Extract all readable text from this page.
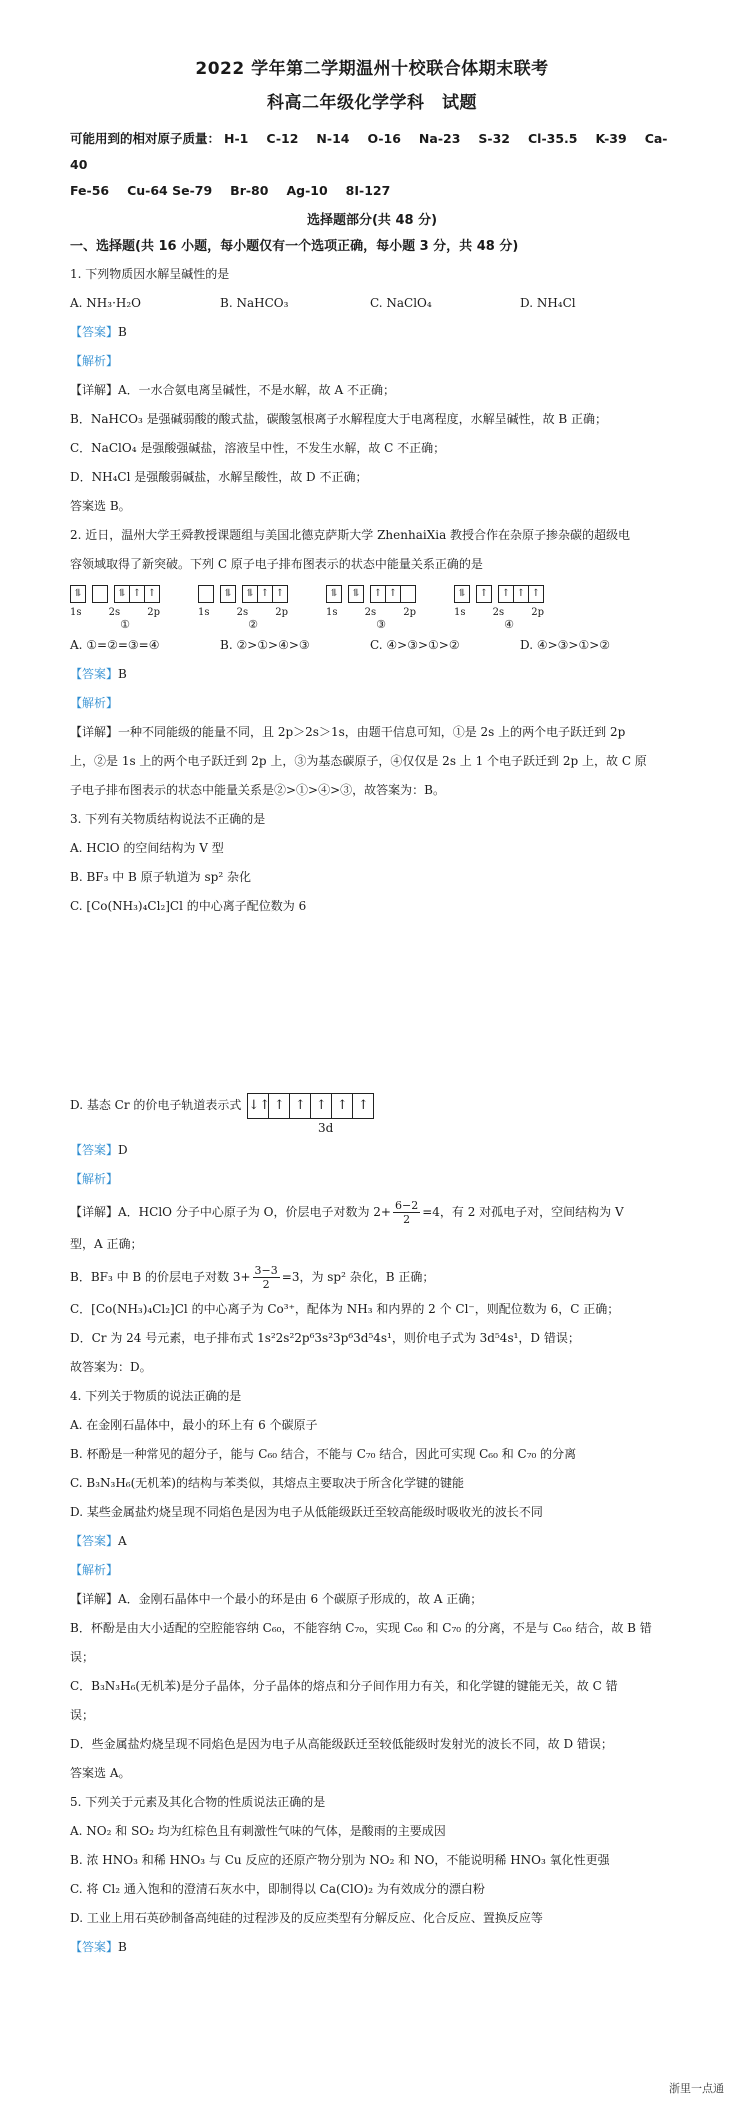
2022 学年第二学期温州十校联合体期末联考
科高二年级化学学科　试题
可能用到的相对原子质量： H-1 C-12 N-14 O-16 Na-23 S-32 Cl-35.5 K-39 Ca-40
Fe-56 Cu-64 Se-79 Br-80 Ag-10 8I-127
选择题部分(共 48 分)
一、选择题(共 16 小题，每小题仅有一个选项正确，每小题 3 分，共 48 分)
1. 下列物质因水解呈碱性的是
A. NH₃·H₂O	B. NaHCO₃	C. NaClO₄	D. NH₄Cl
【答案】B
【解析】
【详解】A．一水合氨电离呈碱性，不是水解，故 A 不正确；
B．NaHCO₃ 是强碱弱酸的酸式盐，碳酸氢根离子水解程度大于电离程度，水解呈碱性，故 B 正确；
C．NaClO₄ 是强酸强碱盐，溶液呈中性，不发生水解，故 C 不正确；
D．NH₄Cl 是强酸弱碱盐，水解呈酸性，故 D 不正确；
答案选 B。
2. 近日，温州大学王舜教授课题组与美国北德克萨斯大学 ZhenhaiXia 教授合作在杂原子掺杂碳的超级电
容领域取得了新突破。下列 C 原子电子排布图表示的状态中能量关系正确的是
⥮	⥮ ↑ ↑
1s	2s	2p
①
⥮	⥮ ↑ ↑
1s	2s	2p
②
⥮	⥮	↑ ↑
1s	2s	2p
③
⥮	↑	↑ ↑ ↑
1s	2s	2p
④
A. ①=②=③=④	B. ②>①>④>③	C. ④>③>①>②	D. ④>③>①>②
【答案】B
【解析】
【详解】一种不同能级的能量不同，且 2p＞2s＞1s，由题干信息可知，①是 2s 上的两个电子跃迁到 2p
上，②是 1s 上的两个电子跃迁到 2p 上，③为基态碳原子，④仅仅是 2s 上 1 个电子跃迁到 2p 上，故 C 原
子电子排布图表示的状态中能量关系是②>①>④>③，故答案为：B。
3. 下列有关物质结构说法不正确的是
A. HClO 的空间结构为 V 型
B. BF₃ 中 B 原子轨道为 sp² 杂化
C. [Co(NH₃)₄Cl₂]Cl 的中心离子配位数为 6
D. 基态 Cr 的价电子轨道表示式 ↓↑ ↑ ↑ ↑ ↑ ↑
3d
【答案】D
【解析】
【详解】A．HClO 分子中心原子为 O，价层电子对数为 $2+ \frac{6-2}{2} =4$，有 2 对孤电子对，空间结构为 V
型，A 正确；
B．BF₃ 中 B 的价层电子对数 $3+ \frac{3-3}{2} =3$，为 sp² 杂化，B 正确；
C．[Co(NH₃)₄Cl₂]Cl 的中心离子为 Co³⁺，配体为 NH₃ 和内界的 2 个 Cl⁻，则配位数为 6，C 正确；
D．Cr 为 24 号元素，电子排布式 1s²2s²2p⁶3s²3p⁶3d⁵4s¹，则价电子式为 3d⁵4s¹，D 错误；
故答案为：D。
4. 下列关于物质的说法正确的是
A. 在金刚石晶体中，最小的环上有 6 个碳原子
B. 杯酚是一种常见的超分子，能与 C₆₀ 结合，不能与 C₇₀ 结合，因此可实现 C₆₀ 和 C₇₀ 的分离
C. B₃N₃H₆(无机苯)的结构与苯类似，其熔点主要取决于所含化学键的键能
D. 某些金属盐灼烧呈现不同焰色是因为电子从低能级跃迁至较高能级时吸收光的波长不同
【答案】A
【解析】
【详解】A．金刚石晶体中一个最小的环是由 6 个碳原子形成的，故 A 正确；
B．杯酚是由大小适配的空腔能容纳 C₆₀，不能容纳 C₇₀，实现 C₆₀ 和 C₇₀ 的分离，不是与 C₆₀ 结合，故 B 错
误；
C．B₃N₃H₆(无机苯)是分子晶体，分子晶体的熔点和分子间作用力有关，和化学键的键能无关，故 C 错
误；
D．些金属盐灼烧呈现不同焰色是因为电子从高能级跃迁至较低能级时发射光的波长不同，故 D 错误；
答案选 A。
5. 下列关于元素及其化合物的性质说法正确的是
A. NO₂ 和 SO₂ 均为红棕色且有刺激性气味的气体，是酸雨的主要成因
B. 浓 HNO₃ 和稀 HNO₃ 与 Cu 反应的还原产物分别为 NO₂ 和 NO，不能说明稀 HNO₃ 氧化性更强
C. 将 Cl₂ 通入饱和的澄清石灰水中，即制得以 Ca(ClO)₂ 为有效成分的漂白粉
D. 工业上用石英砂制备高纯硅的过程涉及的反应类型有分解反应、化合反应、置换反应等
【答案】B
浙里一点通
